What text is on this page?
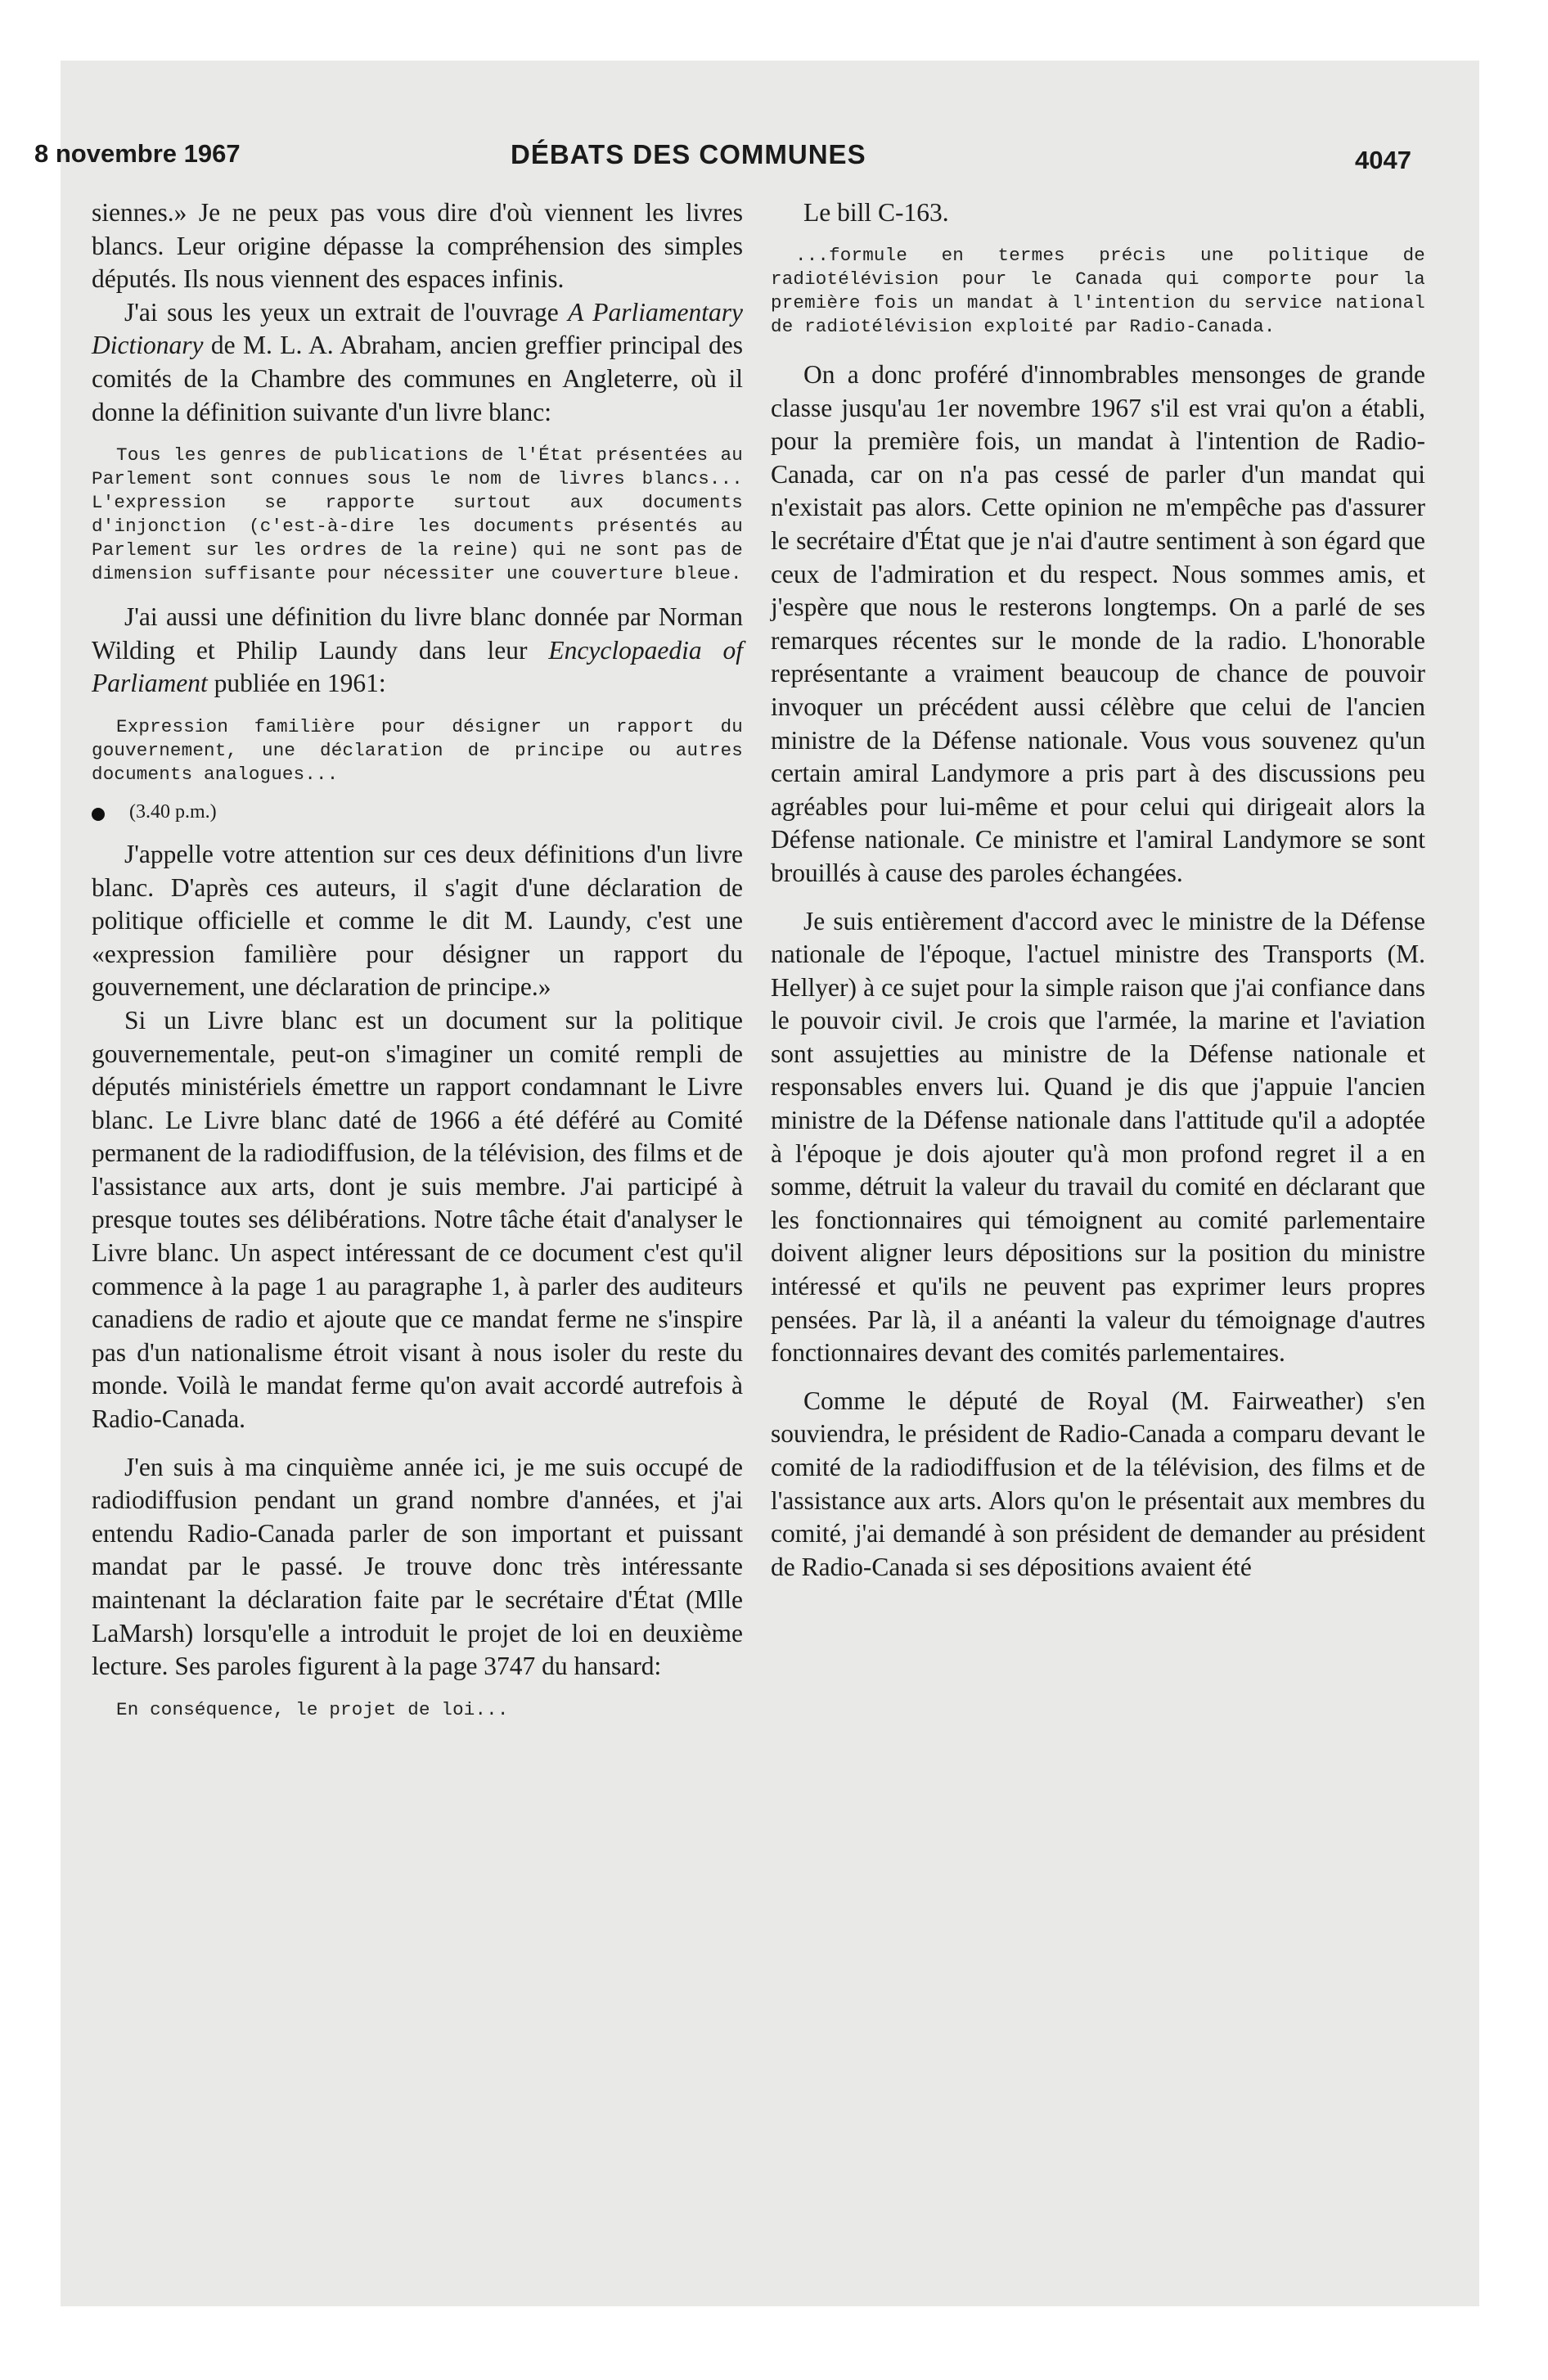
8 novembre 1967	DÉBATS DES COMMUNES	4047

siennes.» Je ne peux pas vous dire d'où viennent les livres blancs. Leur origine dépasse la compréhension des simples députés. Ils nous viennent des espaces infinis.

J'ai sous les yeux un extrait de l'ouvrage A Parliamentary Dictionary de M. L. A. Abraham, ancien greffier principal des comités de la Chambre des communes en Angleterre, où il donne la définition suivante d'un livre blanc:

Tous les genres de publications de l'État présentées au Parlement sont connues sous le nom de livres blancs... L'expression se rapporte surtout aux documents d'injonction (c'est-à-dire les documents présentés au Parlement sur les ordres de la reine) qui ne sont pas de dimension suffisante pour nécessiter une couverture bleue.

J'ai aussi une définition du livre blanc donnée par Norman Wilding et Philip Laundy dans leur Encyclopaedia of Parliament publiée en 1961:

Expression familière pour désigner un rapport du gouvernement, une déclaration de principe ou autres documents analogues...

(3.40 p.m.)

J'appelle votre attention sur ces deux définitions d'un livre blanc. D'après ces auteurs, il s'agit d'une déclaration de politique officielle et comme le dit M. Laundy, c'est une «expression familière pour désigner un rapport du gouvernement, une déclaration de principe.»

Si un Livre blanc est un document sur la politique gouvernementale, peut-on s'imaginer un comité rempli de députés ministériels émettre un rapport condamnant le Livre blanc. Le Livre blanc daté de 1966 a été déféré au Comité permanent de la radiodiffusion, de la télévision, des films et de l'assistance aux arts, dont je suis membre. J'ai participé à presque toutes ses délibérations. Notre tâche était d'analyser le Livre blanc. Un aspect intéressant de ce document c'est qu'il commence à la page 1 au paragraphe 1, à parler des auditeurs canadiens de radio et ajoute que ce mandat ferme ne s'inspire pas d'un nationalisme étroit visant à nous isoler du reste du monde. Voilà le mandat ferme qu'on avait accordé autrefois à Radio-Canada.

J'en suis à ma cinquième année ici, je me suis occupé de radiodiffusion pendant un grand nombre d'années, et j'ai entendu Radio-Canada parler de son important et puissant mandat par le passé. Je trouve donc très intéressante maintenant la déclaration faite par le secrétaire d'État (Mlle LaMarsh) lorsqu'elle a introduit le projet de loi en deuxième lecture. Ses paroles figurent à la page 3747 du hansard:

En conséquence, le projet de loi...

Le bill C-163.

...formule en termes précis une politique de radiotélévision pour le Canada qui comporte pour la première fois un mandat à l'intention du service national de radiotélévision exploité par Radio-Canada.

On a donc proféré d'innombrables mensonges de grande classe jusqu'au 1er novembre 1967 s'il est vrai qu'on a établi, pour la première fois, un mandat à l'intention de Radio-Canada, car on n'a pas cessé de parler d'un mandat qui n'existait pas alors. Cette opinion ne m'empêche pas d'assurer le secrétaire d'État que je n'ai d'autre sentiment à son égard que ceux de l'admiration et du respect. Nous sommes amis, et j'espère que nous le resterons longtemps. On a parlé de ses remarques récentes sur le monde de la radio. L'honorable représentante a vraiment beaucoup de chance de pouvoir invoquer un précédent aussi célèbre que celui de l'ancien ministre de la Défense nationale. Vous vous souvenez qu'un certain amiral Landymore a pris part à des discussions peu agréables pour lui-même et pour celui qui dirigeait alors la Défense nationale. Ce ministre et l'amiral Landymore se sont brouillés à cause des paroles échangées.

Je suis entièrement d'accord avec le ministre de la Défense nationale de l'époque, l'actuel ministre des Transports (M. Hellyer) à ce sujet pour la simple raison que j'ai confiance dans le pouvoir civil. Je crois que l'armée, la marine et l'aviation sont assujetties au ministre de la Défense nationale et responsables envers lui. Quand je dis que j'appuie l'ancien ministre de la Défense nationale dans l'attitude qu'il a adoptée à l'époque je dois ajouter qu'à mon profond regret il a en somme, détruit la valeur du travail du comité en déclarant que les fonctionnaires qui témoignent au comité parlementaire doivent aligner leurs dépositions sur la position du ministre intéressé et qu'ils ne peuvent pas exprimer leurs propres pensées. Par là, il a anéanti la valeur du témoignage d'autres fonctionnaires devant des comités parlementaires.

Comme le député de Royal (M. Fairweather) s'en souviendra, le président de Radio-Canada a comparu devant le comité de la radiodiffusion et de la télévision, des films et de l'assistance aux arts. Alors qu'on le présentait aux membres du comité, j'ai demandé à son président de demander au président de Radio-Canada si ses dépositions avaient été
